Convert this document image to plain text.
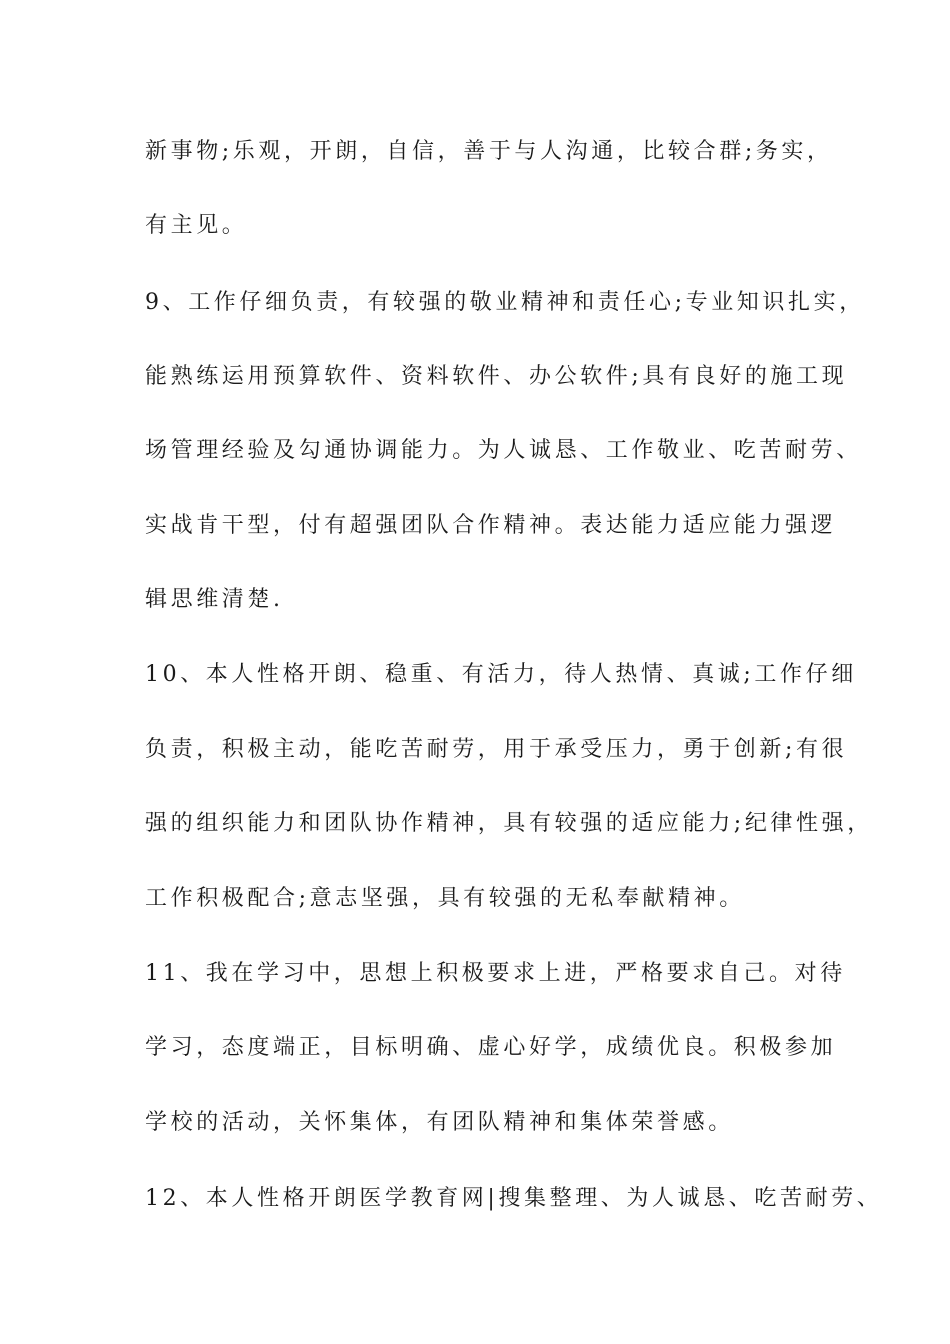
新事物;乐观，开朗，自信，善于与人沟通，比较合群;务实，
有主见。
9、工作仔细负责，有较强的敬业精神和责任心;专业知识扎实，
能熟练运用预算软件、资料软件、办公软件;具有良好的施工现
场管理经验及勾通协调能力。为人诚恳、工作敬业、吃苦耐劳、
实战肯干型，付有超强团队合作精神。表达能力适应能力强逻
辑思维清楚.
10、本人性格开朗、稳重、有活力，待人热情、真诚;工作仔细
负责，积极主动，能吃苦耐劳，用于承受压力，勇于创新;有很
强的组织能力和团队协作精神，具有较强的适应能力;纪律性强，
工作积极配合;意志坚强，具有较强的无私奉献精神。
11、我在学习中，思想上积极要求上进，严格要求自己。对待
学习，态度端正，目标明确、虚心好学，成绩优良。积极参加
学校的活动，关怀集体，有团队精神和集体荣誉感。
12、本人性格开朗医学教育网|搜集整理、为人诚恳、吃苦耐劳、
